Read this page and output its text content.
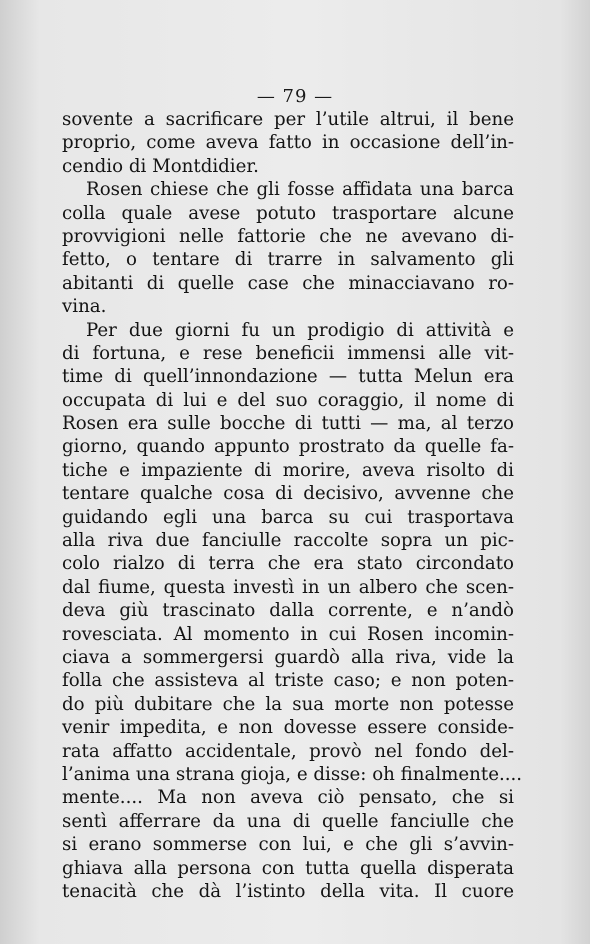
— 79 —
sovente a sacrificare per l’utile altrui, il bene
proprio, come aveva fatto in occasione dell’in-
cendio di Montdidier.
Rosen chiese che gli fosse affidata una barca
colla quale avese potuto trasportare alcune
provvigioni nelle fattorie che ne avevano di-
fetto, o tentare di trarre in salvamento gli
abitanti di quelle case che minacciavano ro-
vina.
Per due giorni fu un prodigio di attività e
di fortuna, e rese beneficii immensi alle vit-
time di quell’innondazione — tutta Melun era
occupata di lui e del suo coraggio, il nome di
Rosen era sulle bocche di tutti — ma, al terzo
giorno, quando appunto prostrato da quelle fa-
tiche e impaziente di morire, aveva risolto di
tentare qualche cosa di decisivo, avvenne che
guidando egli una barca su cui trasportava
alla riva due fanciulle raccolte sopra un pic-
colo rialzo di terra che era stato circondato
dal fiume, questa investì in un albero che scen-
deva giù trascinato dalla corrente, e n’andò
rovesciata. Al momento in cui Rosen incomin-
ciava a sommergersi guardò alla riva, vide la
folla che assisteva al triste caso; e non poten-
do più dubitare che la sua morte non potesse
venir impedita, e non dovesse essere conside-
rata affatto accidentale, provò nel fondo del-
l’anima una strana gioja, e disse: oh finalmente....
mente.... Ma non aveva ciò pensato, che si
sentì afferrare da una di quelle fanciulle che
si erano sommerse con lui, e che gli s’avvin-
ghiava alla persona con tutta quella disperata
tenacità che dà l’istinto della vita. Il cuore
